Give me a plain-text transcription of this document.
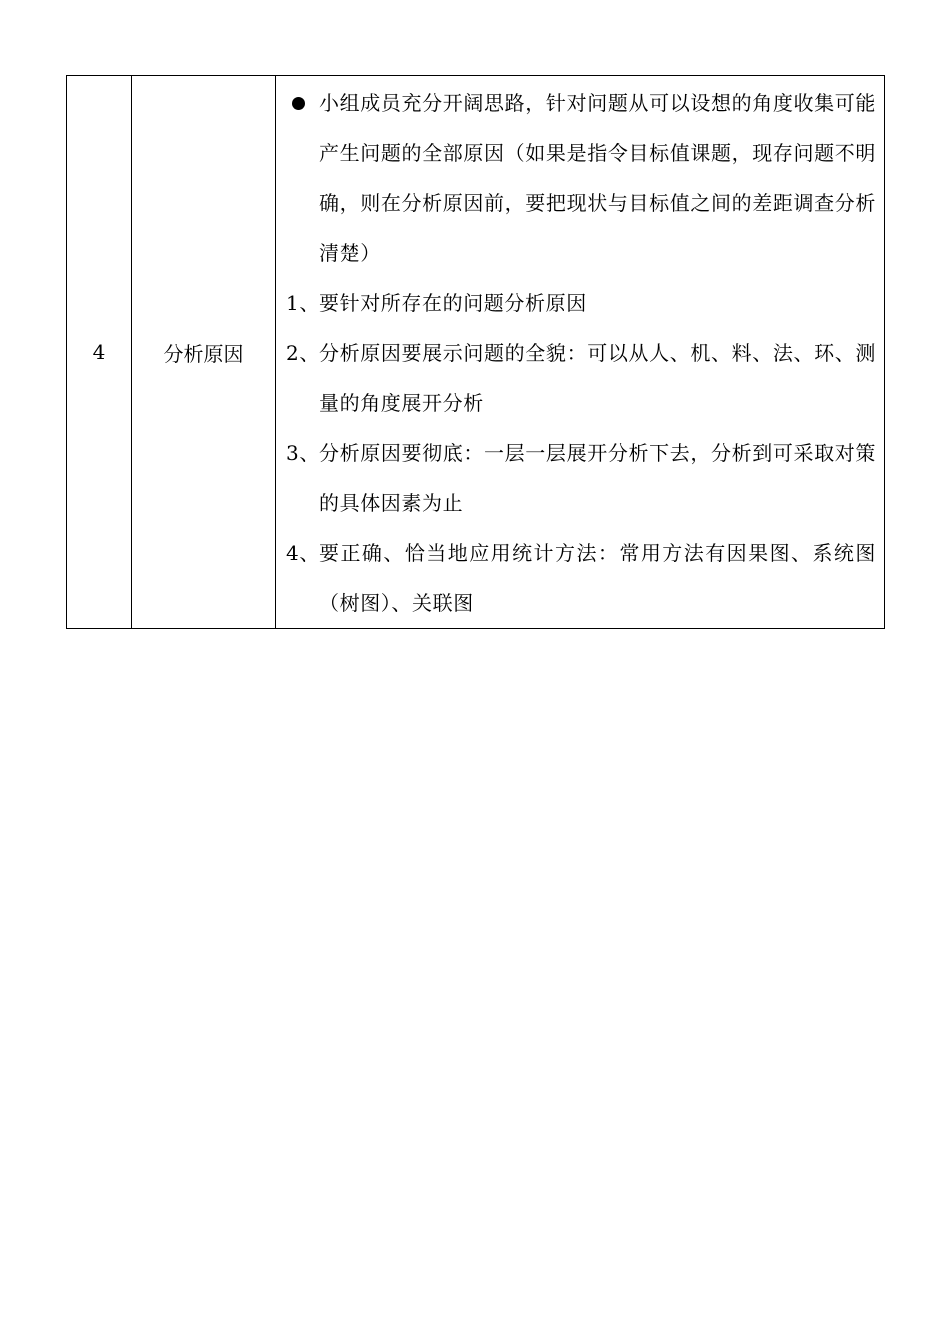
4	分析原因	
小组成员充分开阔思路，针对问题从可以设想的角度收集可能产生问题的全部原因（如果是指令目标值课题，现存问题不明确，则在分析原因前，要把现状与目标值之间的差距调查分析清楚）
1、 要针对所存在的问题分析原因
2、 分析原因要展示问题的全貌：可以从人、机、料、法、环、测量的角度展开分析
3、 分析原因要彻底：一层一层展开分析下去，分析到可采取对策的具体因素为止
4、 要正确、恰当地应用统计方法：常用方法有因果图、系统图（树图）、关联图
